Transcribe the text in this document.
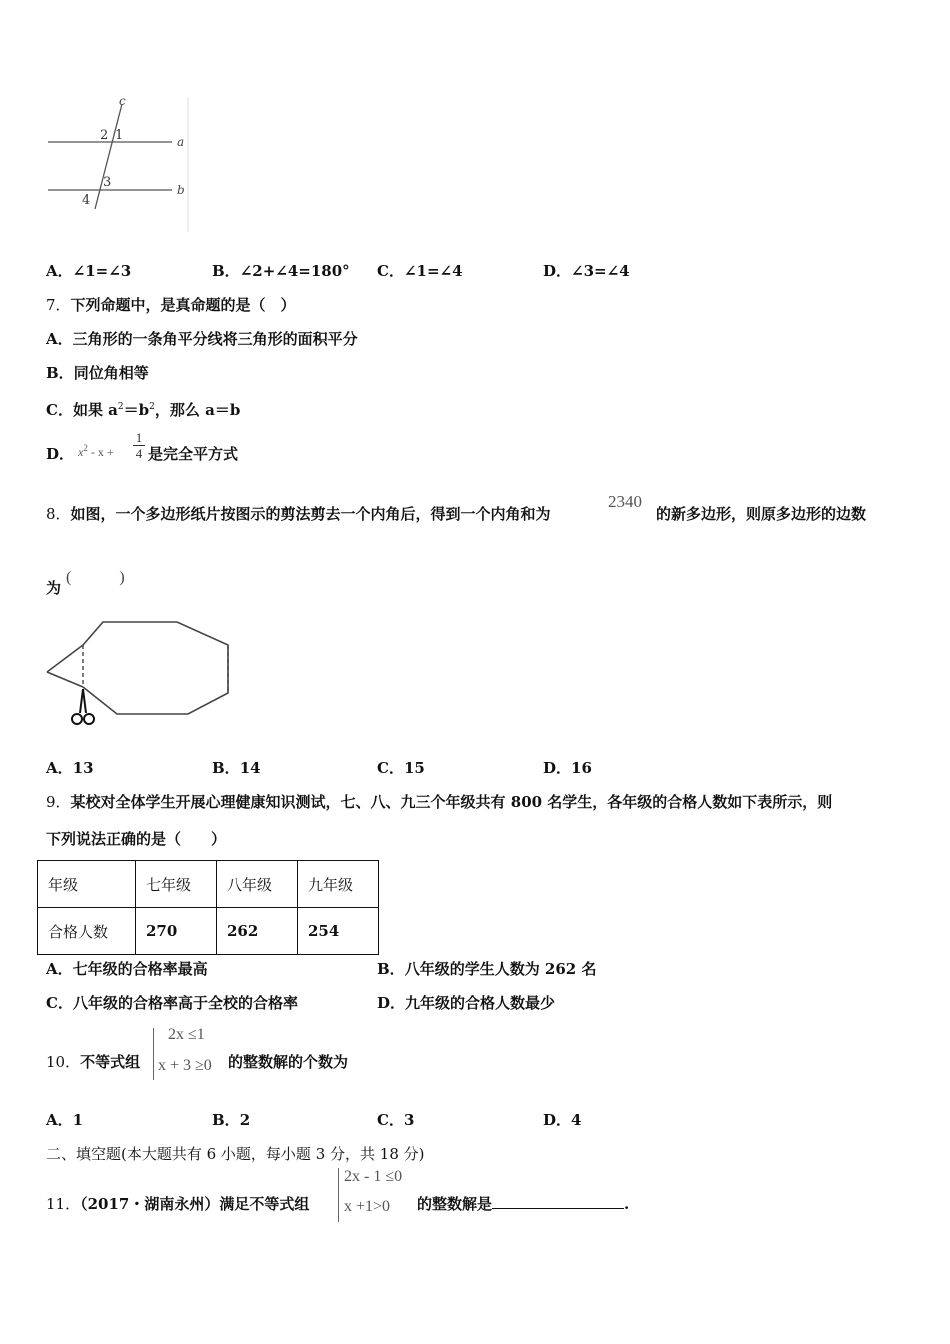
c
a
b
2 1
3
4
A．∠1=∠3	B．∠2+∠4=180° C．∠1=∠4	D．∠3=∠4
7．下列命题中，是真命题的是（　）
A．三角形的一条角平分线将三角形的面积平分
B．同位角相等
C．如果 $a^2=b^2$，那么 a＝b
D． $x^2$ - x +
1
4 是完全平方式
8．如图，一个多边形纸片按图示的剪法剪去一个内角后，得到一个内角和为
2340
的新多边形，则原多边形的边数
为
(　　　)
A．13	B．14	C．15	D．16
9．某校对全体学生开展心理健康知识测试，七、八、九三个年级共有 800 名学生，各年级的合格人数如下表所示，则
下列说法正确的是（　　）
年级	七年级	八年级	九年级
合格人数	270	262	254
A．七年级的合格率最高	B．八年级的学生人数为 262 名
C．八年级的合格率高于全校的合格率	D．九年级的合格人数最少
10．不等式组
2x ≤1
x + 3 ≥0 的整数解的个数为
A．1	B．2	C．3	D．4
二、填空题(本大题共有 6 小题，每小题 3 分，共 18 分)
11．（2017・湖南永州）满足不等式组
2x - 1 ≤0
x +1>0 的整数解是	.
